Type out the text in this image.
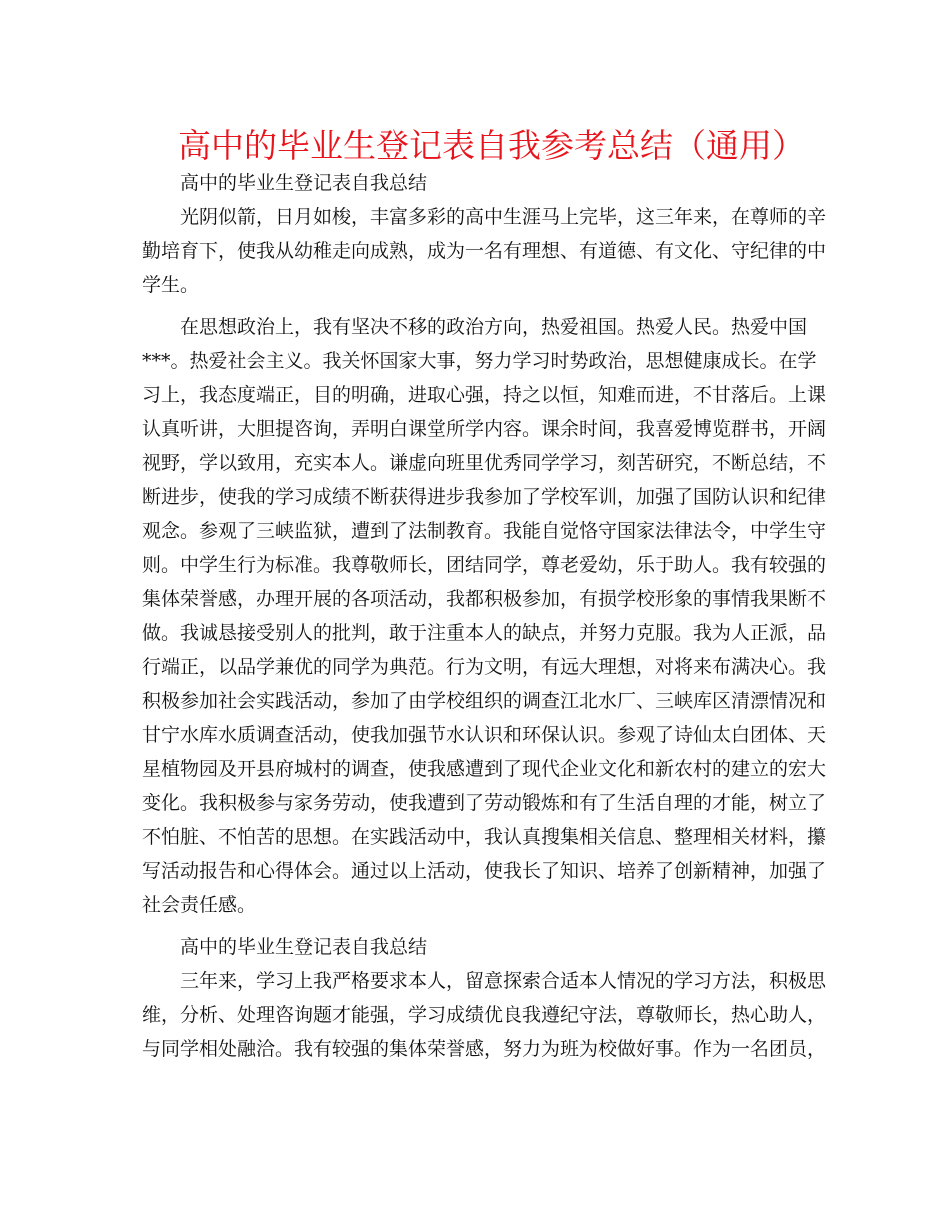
高中的毕业生登记表自我参考总结（通用）

高中的毕业生登记表自我总结

光阴似箭，日月如梭，丰富多彩的高中生涯马上完毕，这三年来，在尊师的辛勤培育下，使我从幼稚走向成熟，成为一名有理想、有道德、有文化、守纪律的中学生。

在思想政治上，我有坚决不移的政治方向，热爱祖国。热爱人民。热爱中国***。热爱社会主义。我关怀国家大事，努力学习时势政治，思想健康成长。在学习上，我态度端正，目的明确，进取心强，持之以恒，知难而进，不甘落后。上课认真听讲，大胆提咨询，弄明白课堂所学内容。课余时间，我喜爱博览群书，开阔视野，学以致用，充实本人。谦虚向班里优秀同学学习，刻苦研究，不断总结，不断进步，使我的学习成绩不断获得进步我参加了学校军训，加强了国防认识和纪律观念。参观了三峡监狱，遭到了法制教育。我能自觉恪守国家法律法令，中学生守则。中学生行为标准。我尊敬师长，团结同学，尊老爱幼，乐于助人。我有较强的集体荣誉感，办理开展的各项活动，我都积极参加，有损学校形象的事情我果断不做。我诚恳接受别人的批判，敢于注重本人的缺点，并努力克服。我为人正派，品行端正，以品学兼优的同学为典范。行为文明，有远大理想，对将来布满决心。我积极参加社会实践活动，参加了由学校组织的调查江北水厂、三峡库区清漂情况和甘宁水库水质调查活动，使我加强节水认识和环保认识。参观了诗仙太白团体、天星植物园及开县府城村的调查，使我感遭到了现代企业文化和新农村的建立的宏大变化。我积极参与家务劳动，使我遭到了劳动锻炼和有了生活自理的才能，树立了不怕脏、不怕苦的思想。在实践活动中，我认真搜集相关信息、整理相关材料，攥写活动报告和心得体会。通过以上活动，使我长了知识、培养了创新精神，加强了社会责任感。

高中的毕业生登记表自我总结

三年来，学习上我严格要求本人，留意探索合适本人情况的学习方法，积极思维，分析、处理咨询题才能强，学习成绩优良我遵纪守法，尊敬师长，热心助人，与同学相处融洽。我有较强的集体荣誉感，努力为班为校做好事。作为一名团员，
